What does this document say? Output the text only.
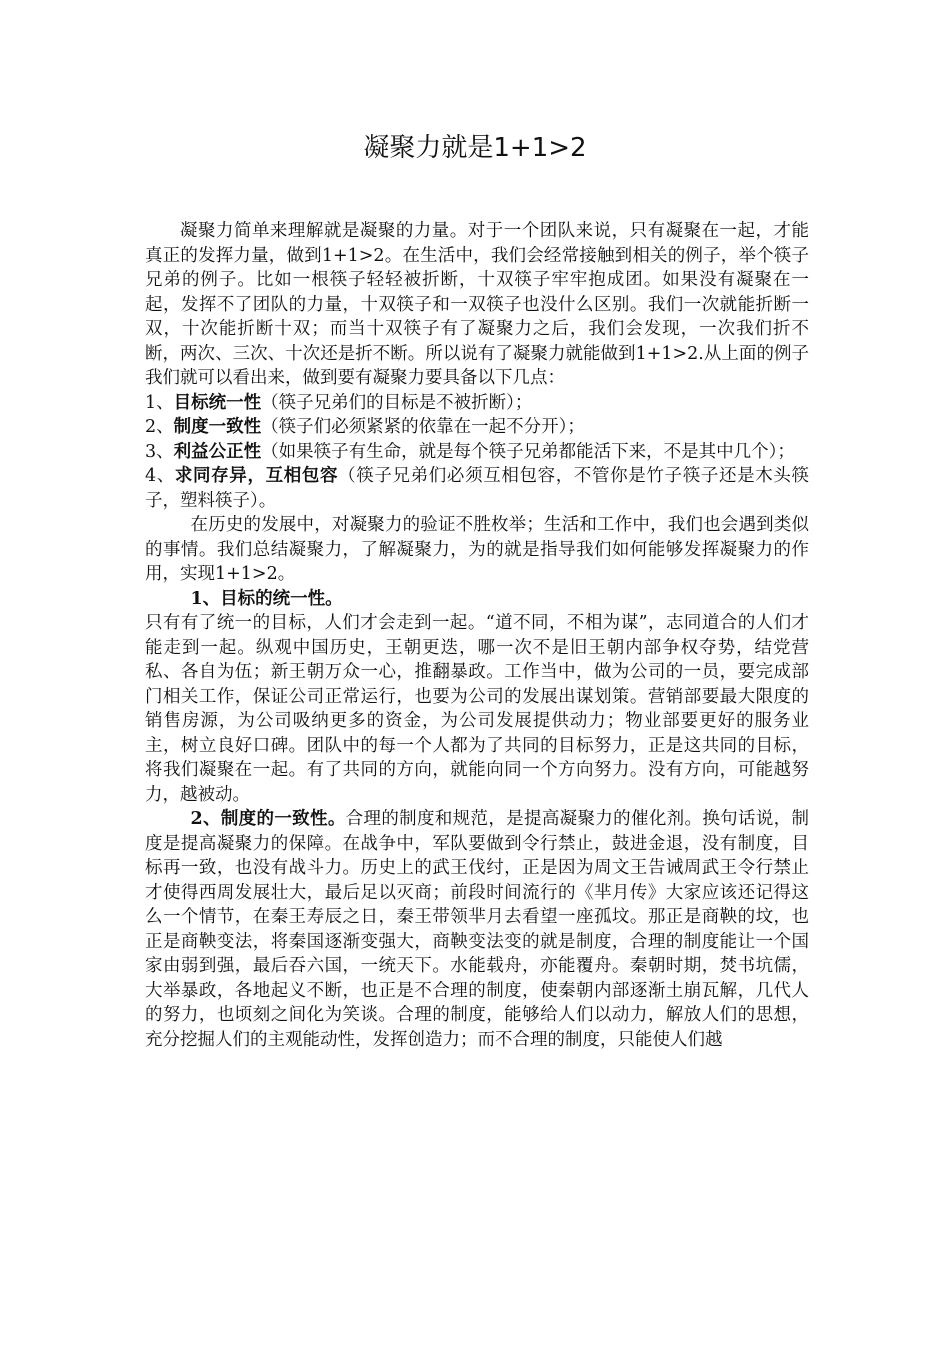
凝聚力就是1+1>2

凝聚力简单来理解就是凝聚的力量。对于一个团队来说，只有凝聚在一起，才能真正的发挥力量，做到1+1>2。在生活中，我们会经常接触到相关的例子，举个筷子兄弟的例子。比如一根筷子轻轻被折断，十双筷子牢牢抱成团。如果没有凝聚在一起，发挥不了团队的力量，十双筷子和一双筷子也没什么区别。我们一次就能折断一双，十次能折断十双；而当十双筷子有了凝聚力之后，我们会发现，一次我们折不断，两次、三次、十次还是折不断。所以说有了凝聚力就能做到1+1>2.从上面的例子我们就可以看出来，做到要有凝聚力要具备以下几点：

1、目标统一性（筷子兄弟们的目标是不被折断）；

2、制度一致性（筷子们必须紧紧的依靠在一起不分开）；

3、利益公正性（如果筷子有生命，就是每个筷子兄弟都能活下来，不是其中几个）；

4、求同存异，互相包容（筷子兄弟们必须互相包容，不管你是竹子筷子还是木头筷子，塑料筷子）。

在历史的发展中，对凝聚力的验证不胜枚举；生活和工作中，我们也会遇到类似的事情。我们总结凝聚力，了解凝聚力，为的就是指导我们如何能够发挥凝聚力的作用，实现1+1>2。

1、目标的统一性。

只有有了统一的目标，人们才会走到一起。“道不同，不相为谋”，志同道合的人们才能走到一起。纵观中国历史，王朝更迭，哪一次不是旧王朝内部争权夺势，结党营私、各自为伍；新王朝万众一心，推翻暴政。工作当中，做为公司的一员，要完成部门相关工作，保证公司正常运行，也要为公司的发展出谋划策。营销部要最大限度的销售房源，为公司吸纳更多的资金，为公司发展提供动力；物业部要更好的服务业主，树立良好口碑。团队中的每一个人都为了共同的目标努力，正是这共同的目标，将我们凝聚在一起。有了共同的方向，就能向同一个方向努力。没有方向，可能越努力，越被动。

2、制度的一致性。合理的制度和规范，是提高凝聚力的催化剂。换句话说，制度是提高凝聚力的保障。在战争中，军队要做到令行禁止，鼓进金退，没有制度，目标再一致，也没有战斗力。历史上的武王伐纣，正是因为周文王告诫周武王令行禁止才使得西周发展壮大，最后足以灭商；前段时间流行的《芈月传》大家应该还记得这么一个情节，在秦王寿辰之日，秦王带领芈月去看望一座孤坟。那正是商鞅的坟，也正是商鞅变法，将秦国逐渐变强大，商鞅变法变的就是制度，合理的制度能让一个国家由弱到强，最后吞六国，一统天下。水能载舟，亦能覆舟。秦朝时期，焚书坑儒，大举暴政，各地起义不断，也正是不合理的制度，使秦朝内部逐渐土崩瓦解，几代人的努力，也顷刻之间化为笑谈。合理的制度，能够给人们以动力，解放人们的思想，充分挖掘人们的主观能动性，发挥创造力；而不合理的制度，只能使人们越
